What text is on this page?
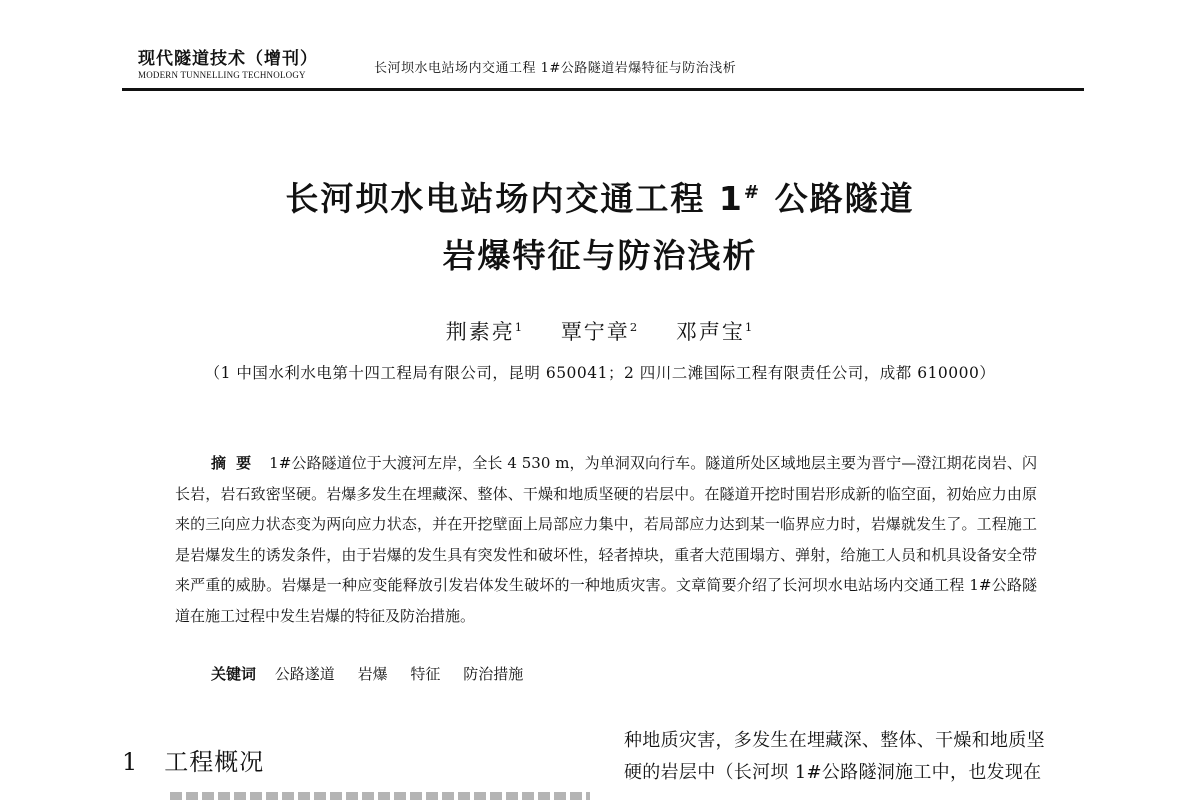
现代隧道技术（增刊）
MODERN TUNNELLING TECHNOLOGY	长河坝水电站场内交通工程 1#公路隧道岩爆特征与防治浅析
长河坝水电站场内交通工程 1# 公路隧道
岩爆特征与防治浅析
荆素亮$^1$ 覃宁章$^2$ 邓声宝$^1$
（1 中国水利水电第十四工程局有限公司，昆明 650041；2 四川二滩国际工程有限责任公司，成都 610000）
摘要 1#公路隧道位于大渡河左岸，全长 4 530 m，为单洞双向行车。隧道所处区域地层主要为晋宁—澄江期花岗岩、闪长岩，岩石致密坚硬。岩爆多发生在埋藏深、整体、干燥和地质坚硬的岩层中。在隧道开挖时围岩形成新的临空面，初始应力由原来的三向应力状态变为两向应力状态，并在开挖壁面上局部应力集中，若局部应力达到某一临界应力时，岩爆就发生了。工程施工是岩爆发生的诱发条件，由于岩爆的发生具有突发性和破坏性，轻者掉块，重者大范围塌方、弹射，给施工人员和机具设备安全带来严重的威胁。岩爆是一种应变能释放引发岩体发生破坏的一种地质灾害。文章简要介绍了长河坝水电站场内交通工程 1#公路隧道在施工过程中发生岩爆的特征及防治措施。
关键词 公路遂道 岩爆 特征 防治措施
1 工程概况

种地质灾害，多发生在埋藏深、整体、干燥和地质坚

硬的岩层中（长河坝 1#公路隧洞施工中，也发现在
